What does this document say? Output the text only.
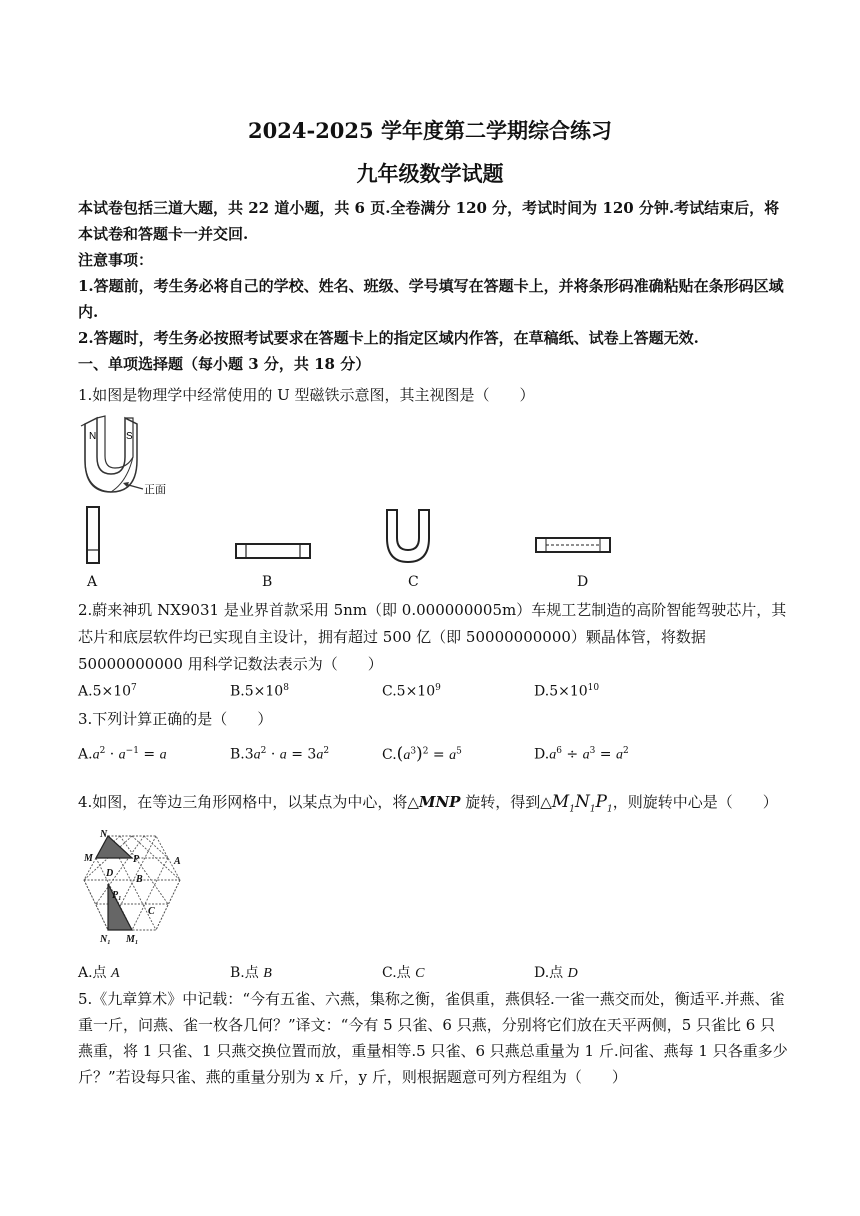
2024-2025 学年度第二学期综合练习
九年级数学试题
本试卷包括三道大题，共 22 道小题，共 6 页.全卷满分 120 分，考试时间为 120 分钟.考试结束后，将本试卷和答题卡一并交回.
注意事项：
1.答题前，考生务必将自己的学校、姓名、班级、学号填写在答题卡上，并将条形码准确粘贴在条形码区域内.
2.答题时，考生务必按照考试要求在答题卡上的指定区域内作答，在草稿纸、试卷上答题无效.
一、单项选择题（每小题 3 分，共 18 分）
1.如图是物理学中经常使用的 U 型磁铁示意图，其主视图是（　　）
N	S
正面
A	B	C	D
2.蔚来神玑 NX9031 是业界首款采用 5nm（即 0.000000005m）车规工艺制造的高阶智能驾驶芯片，其芯片和底层软件均已实现自主设计，拥有超过 500 亿（即 50000000000）颗晶体管，将数据 50000000000 用科学记数法表示为（　　）
$A.5\times 10^7$	$B.5\times 10^8$	$C.5\times 10^9$	$D.5\times 10^{10}$
3.下列计算正确的是（　　）
$A.a^2 \cdot a^{-1} = a$	$B.3a^2 \cdot a = 3a^2$	$C.(a^3)^2 = a^5$	$D.a^6 \div a^3 = a^2$
4.如图，在等边三角形网格中，以某点为中心，将△MNP 旋转，得到$\triangle M_1N_1P_1$，则旋转中心是（　　）
N
M	P	A
D
B
C
N₁ M₁
P₁
A.点 A	B.点 B	C.点 C	D.点 D
5.《九章算术》中记载：“今有五雀、六燕，集称之衡，雀俱重，燕俱轻.一雀一燕交而处，衡适平.并燕、雀重一斤，问燕、雀一枚各几何？”译文：“今有 5 只雀、6 只燕，分别将它们放在天平两侧，5 只雀比 6 只燕重，将 1 只雀、1 只燕交换位置而放，重量相等.5 只雀、6 只燕总重量为 1 斤.问雀、燕每 1 只各重多少斤？”若设每只雀、燕的重量分别为 x 斤，y 斤，则根据题意可列方程组为（　　）
